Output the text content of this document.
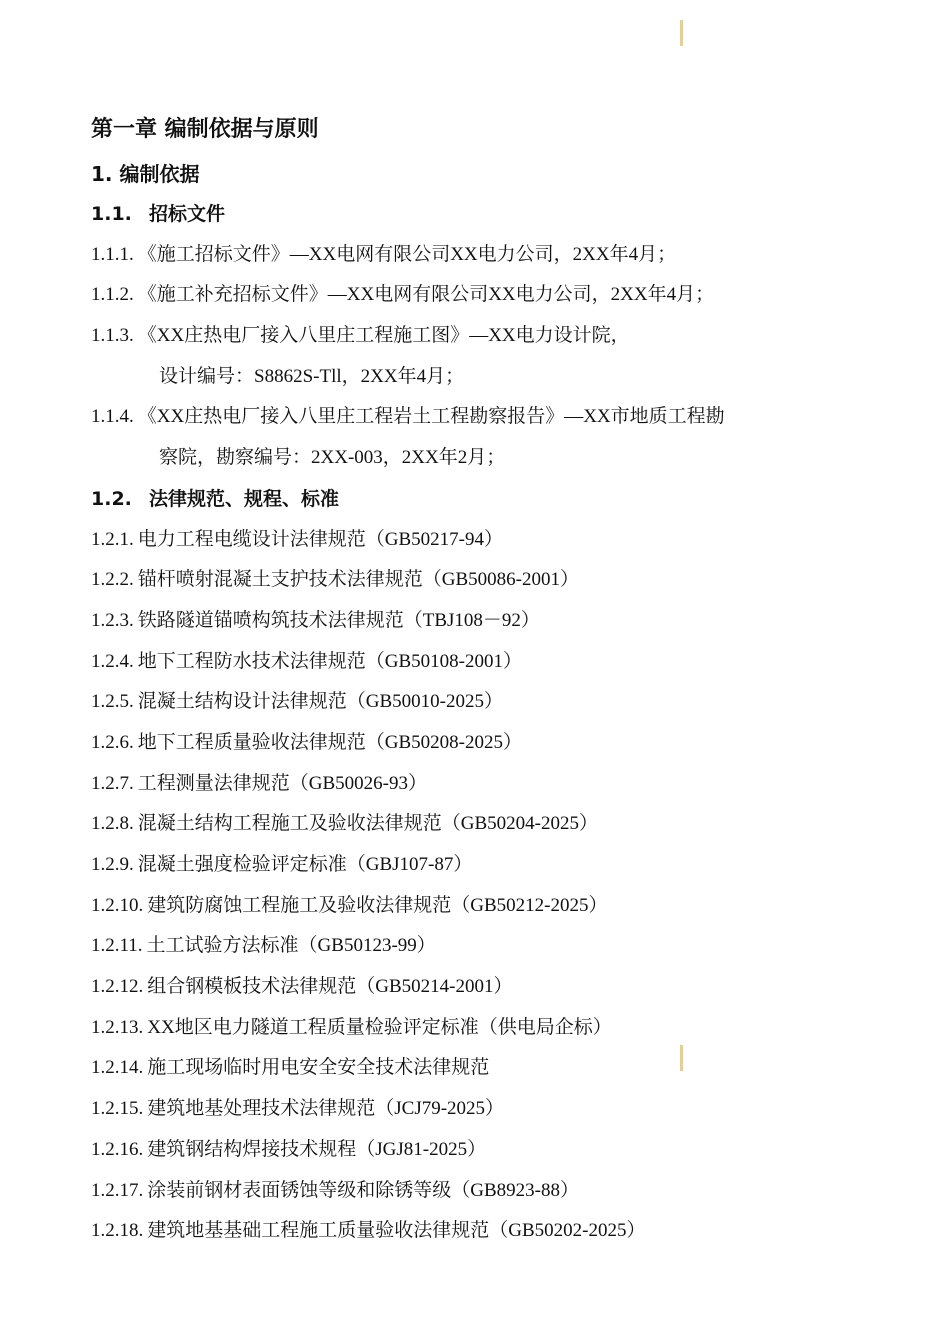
第一章 编制依据与原则
1. 编制依据
1.1. 招标文件
1.1.1. 《施工招标文件》—XX电网有限公司XX电力公司，2XX年4月；
1.1.2. 《施工补充招标文件》—XX电网有限公司XX电力公司，2XX年4月；
1.1.3. 《XX庄热电厂接入八里庄工程施工图》—XX电力设计院，
设计编号：S8862S-Tll，2XX年4月；
1.1.4. 《XX庄热电厂接入八里庄工程岩土工程勘察报告》—XX市地质工程勘
察院，勘察编号：2XX-003，2XX年2月；
1.2. 法律规范、规程、标准
1.2.1. 电力工程电缆设计法律规范（GB50217-94）
1.2.2. 锚杆喷射混凝土支护技术法律规范（GB50086-2001）
1.2.3. 铁路隧道锚喷构筑技术法律规范（TBJ108－92）
1.2.4. 地下工程防水技术法律规范（GB50108-2001）
1.2.5. 混凝土结构设计法律规范（GB50010-2025）
1.2.6. 地下工程质量验收法律规范（GB50208-2025）
1.2.7. 工程测量法律规范（GB50026-93）
1.2.8. 混凝土结构工程施工及验收法律规范（GB50204-2025）
1.2.9. 混凝土强度检验评定标准（GBJ107-87）
1.2.10. 建筑防腐蚀工程施工及验收法律规范（GB50212-2025）
1.2.11. 土工试验方法标准（GB50123-99）
1.2.12. 组合钢模板技术法律规范（GB50214-2001）
1.2.13. XX地区电力隧道工程质量检验评定标准（供电局企标）
1.2.14. 施工现场临时用电安全安全技术法律规范
1.2.15. 建筑地基处理技术法律规范（JCJ79-2025）
1.2.16. 建筑钢结构焊接技术规程（JGJ81-2025）
1.2.17. 涂装前钢材表面锈蚀等级和除锈等级（GB8923-88）
1.2.18. 建筑地基基础工程施工质量验收法律规范（GB50202-2025）
